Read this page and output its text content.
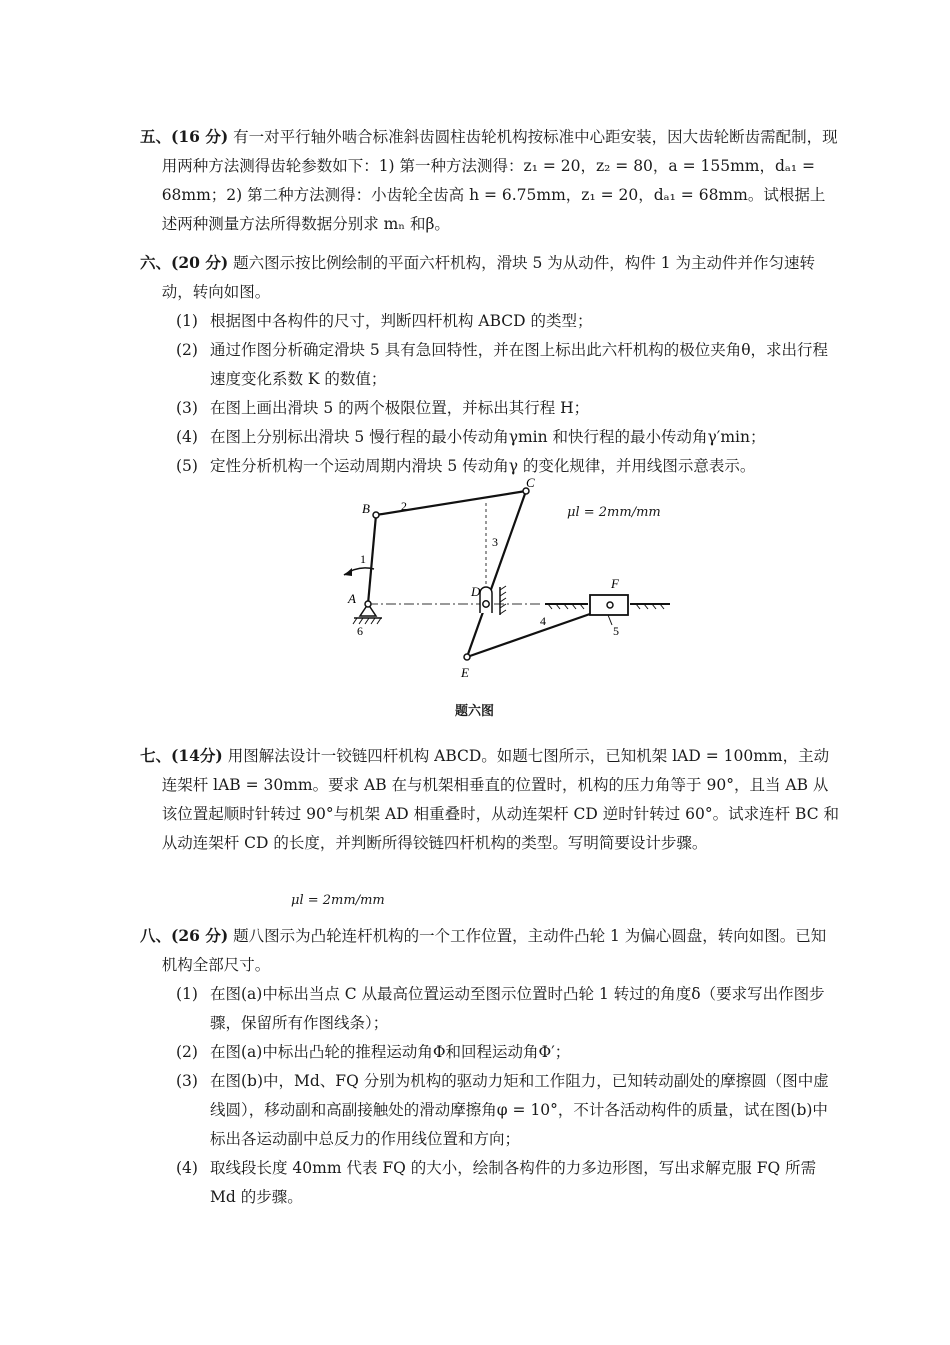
五、(16 分) 有一对平行轴外啮合标准斜齿圆柱齿轮机构按标准中心距安装，因大齿轮断齿需配制，现用两种方法测得齿轮参数如下：1) 第一种方法测得：z₁ = 20，z₂ = 80，a = 155mm，dₐ₁ = 68mm；2) 第二种方法测得：小齿轮全齿高 h = 6.75mm，z₁ = 20，dₐ₁ = 68mm。试根据上述两种测量方法所得数据分别求 mₙ 和β。
六、(20 分) 题六图示按比例绘制的平面六杆机构，滑块 5 为从动件，构件 1 为主动件并作匀速转动，转向如图。
(1) 根据图中各构件的尺寸，判断四杆机构 ABCD 的类型；
(2) 通过作图分析确定滑块 5 具有急回特性，并在图上标出此六杆机构的极位夹角θ，求出行程速度变化系数 K 的数值；
(3) 在图上画出滑块 5 的两个极限位置，并标出其行程 H；
(4) 在图上分别标出滑块 5 慢行程的最小传动角γmin 和快行程的最小传动角γ′min；
(5) 定性分析机构一个运动周期内滑块 5 传动角γ 的变化规律，并用线图示意表示。
A
B
C
D
E
F
1
2
3
4
5
6
μl = 2mm/mm
题六图
七、(14分) 用图解法设计一铰链四杆机构 ABCD。如题七图所示，已知机架 lAD = 100mm，主动连架杆 lAB = 30mm。要求 AB 在与机架相垂直的位置时，机构的压力角等于 90°，且当 AB 从该位置起顺时针转过 90°与机架 AD 相重叠时，从动连架杆 CD 逆时针转过 60°。试求连杆 BC 和从动连架杆 CD 的长度，并判断所得铰链四杆机构的类型。写明简要设计步骤。
μl = 2mm/mm
八、(26 分) 题八图示为凸轮连杆机构的一个工作位置，主动件凸轮 1 为偏心圆盘，转向如图。已知机构全部尺寸。
(1) 在图(a)中标出当点 C 从最高位置运动至图示位置时凸轮 1 转过的角度δ（要求写出作图步骤，保留所有作图线条）；
(2) 在图(a)中标出凸轮的推程运动角Φ和回程运动角Φ′；
(3) 在图(b)中，Md、FQ 分别为机构的驱动力矩和工作阻力，已知转动副处的摩擦圆（图中虚线圆），移动副和高副接触处的滑动摩擦角φ = 10°，不计各活动构件的质量，试在图(b)中标出各运动副中总反力的作用线位置和方向；
(4) 取线段长度 40mm 代表 FQ 的大小，绘制各构件的力多边形图，写出求解克服 FQ 所需 Md 的步骤。
